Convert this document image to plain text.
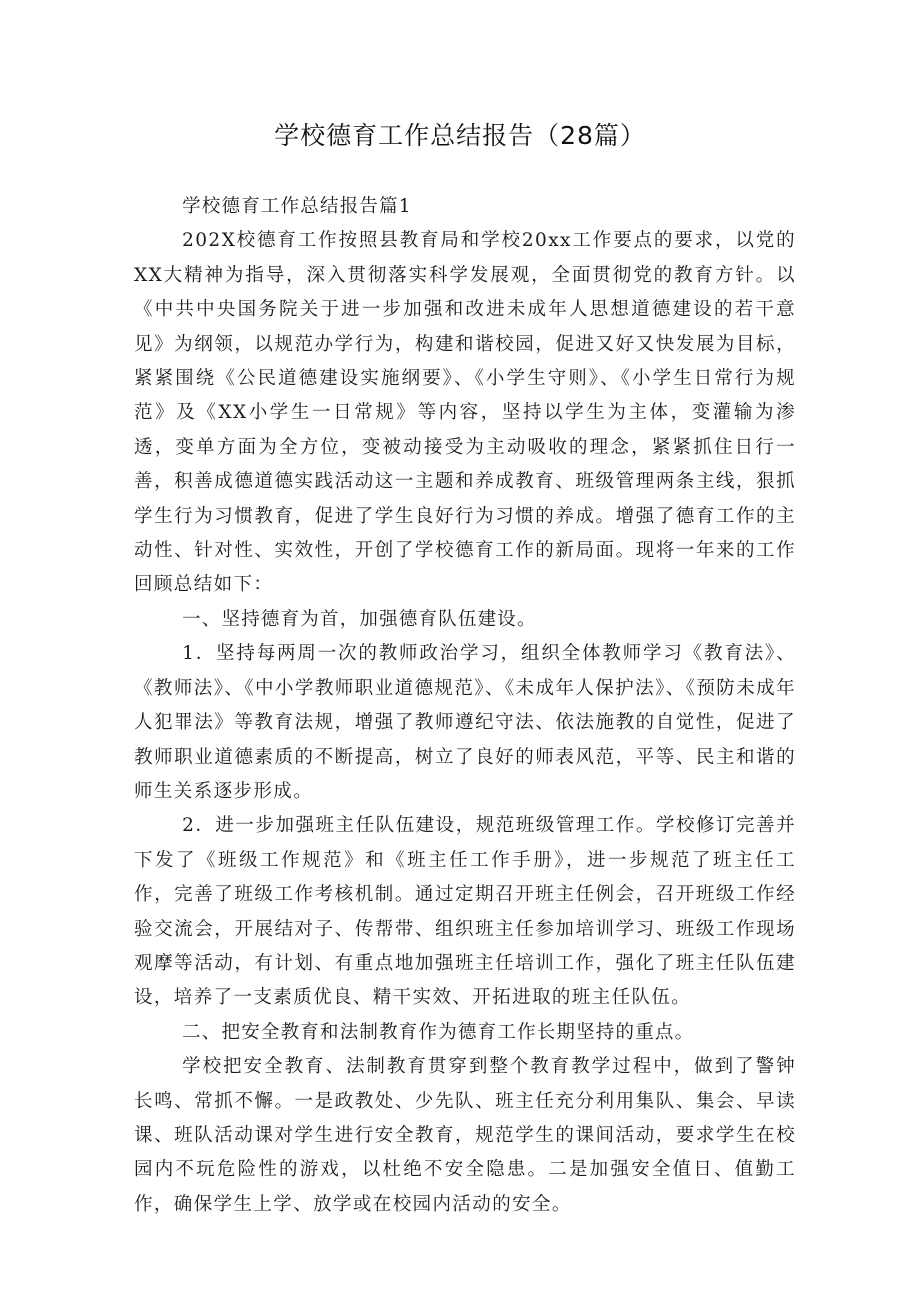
学校德育工作总结报告（28篇）

学校德育工作总结报告篇1

202X校德育工作按照县教育局和学校20xx工作要点的要求，以党的XX大精神为指导，深入贯彻落实科学发展观，全面贯彻党的教育方针。以《中共中央国务院关于进一步加强和改进未成年人思想道德建设的若干意见》为纲领，以规范办学行为，构建和谐校园，促进又好又快发展为目标，紧紧围绕《公民道德建设实施纲要》、《小学生守则》、《小学生日常行为规范》及《XX小学生一日常规》等内容，坚持以学生为主体，变灌输为渗透，变单方面为全方位，变被动接受为主动吸收的理念，紧紧抓住日行一善，积善成德道德实践活动这一主题和养成教育、班级管理两条主线，狠抓学生行为习惯教育，促进了学生良好行为习惯的养成。增强了德育工作的主动性、针对性、实效性，开创了学校德育工作的新局面。现将一年来的工作回顾总结如下：

一、坚持德育为首，加强德育队伍建设。

1．坚持每两周一次的教师政治学习，组织全体教师学习《教育法》、《教师法》、《中小学教师职业道德规范》、《未成年人保护法》、《预防未成年人犯罪法》等教育法规，增强了教师遵纪守法、依法施教的自觉性，促进了教师职业道德素质的不断提高，树立了良好的师表风范，平等、民主和谐的师生关系逐步形成。

2．进一步加强班主任队伍建设，规范班级管理工作。学校修订完善并下发了《班级工作规范》和《班主任工作手册》，进一步规范了班主任工作，完善了班级工作考核机制。通过定期召开班主任例会，召开班级工作经验交流会，开展结对子、传帮带、组织班主任参加培训学习、班级工作现场观摩等活动，有计划、有重点地加强班主任培训工作，强化了班主任队伍建设，培养了一支素质优良、精干实效、开拓进取的班主任队伍。

二、把安全教育和法制教育作为德育工作长期坚持的重点。

学校把安全教育、法制教育贯穿到整个教育教学过程中，做到了警钟长鸣、常抓不懈。一是政教处、少先队、班主任充分利用集队、集会、早读课、班队活动课对学生进行安全教育，规范学生的课间活动，要求学生在校园内不玩危险性的游戏，以杜绝不安全隐患。二是加强安全值日、值勤工作，确保学生上学、放学或在校园内活动的安全。
